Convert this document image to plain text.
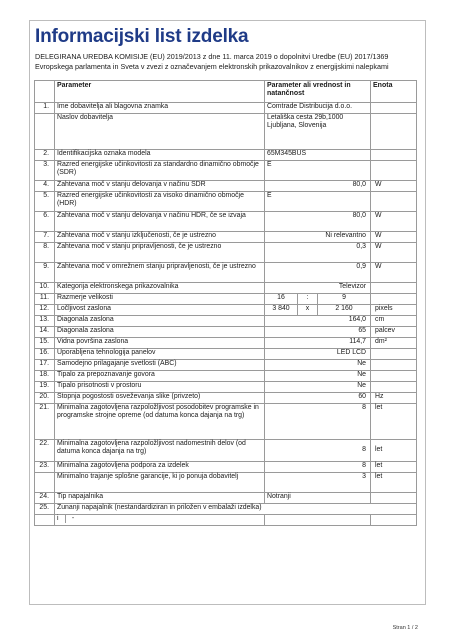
Informacijski list izdelka

DELEGIRANA UREDBA KOMISIJE (EU) 2019/2013 z dne 11. marca 2019 o dopolnitvi Uredbe (EU) 2017/1369 Evropskega parlamenta in Sveta v zvezi z označevanjem elektronskih prikazovalnikov z energijskimi nalepkami

	Parameter	Parameter ali vrednost in natančnost			Enota
1.	Ime dobavitelja ali blagovna znamka	Comtrade Distribucija d.o.o.			
	Naslov dobavitelja	Letališka cesta 29b,1000 Ljubljana, Slovenija			
2.	Identifikacijska oznaka modela	65M345BUS			
3.	Razred energijske učinkovitosti za standardno dinamično območje (SDR)	E			
4.	Zahtevana moč v stanju delovanja v načinu SDR	80,0			W
5.	Razred energijske učinkovitosti za visoko dinamično območje (HDR)	E			
6.	Zahtevana moč v stanju delovanja v načinu HDR, če se izvaja	80,0			W
7.	Zahtevana moč v stanju izključenosti, če je ustrezno	Ni relevantno			W
8.	Zahtevana moč v stanju pripravljenosti, če je ustrezno	0,3			W
9.	Zahtevana moč v omrežnem stanju pripravljenosti, če je ustrezno	0,9			W
10.	Kategorija elektronskega prikazovalnika	Televizor			
11.	Razmerje velikosti	16	:	9	
12.	Ločljivost zaslona	3 840	x	2 160	pixels
13.	Diagonala zaslona	164,0			cm
14.	Diagonala zaslona	65			palcev
15.	Vidna površina zaslona	114,7			dm²
16.	Uporabljena tehnologija panelov	LED LCD			
17.	Samodejno prilagajanje svetlosti (ABC)	Ne			
18.	Tipalo za prepoznavanje govora	Ne			
19.	Tipalo prisotnosti v prostoru	Ne			
20.	Stopnja pogostosti osveževanja slike (privzeto)	60			Hz
21.	Minimalna zagotovljena razpoložljivost posodobitev programske in programske strojne opreme (od datuma konca dajanja na trg)	8			let
22.	Minimalna zagotovljena razpoložljivost nadomestnih delov (od datuma konca dajanja na trg)	8			let
23.	Minimalna zagotovljena podpora za izdelek	8			let
	Minimalno trajanje splošne garancije, ki jo ponuja dobavitelj	3			let
24.	Tip napajalnika	Notranji			
25.	Zunanji napajalnik (nestandardiziran in priložen v embalaži izdelka)				
	i -				
Stran 1 / 2
